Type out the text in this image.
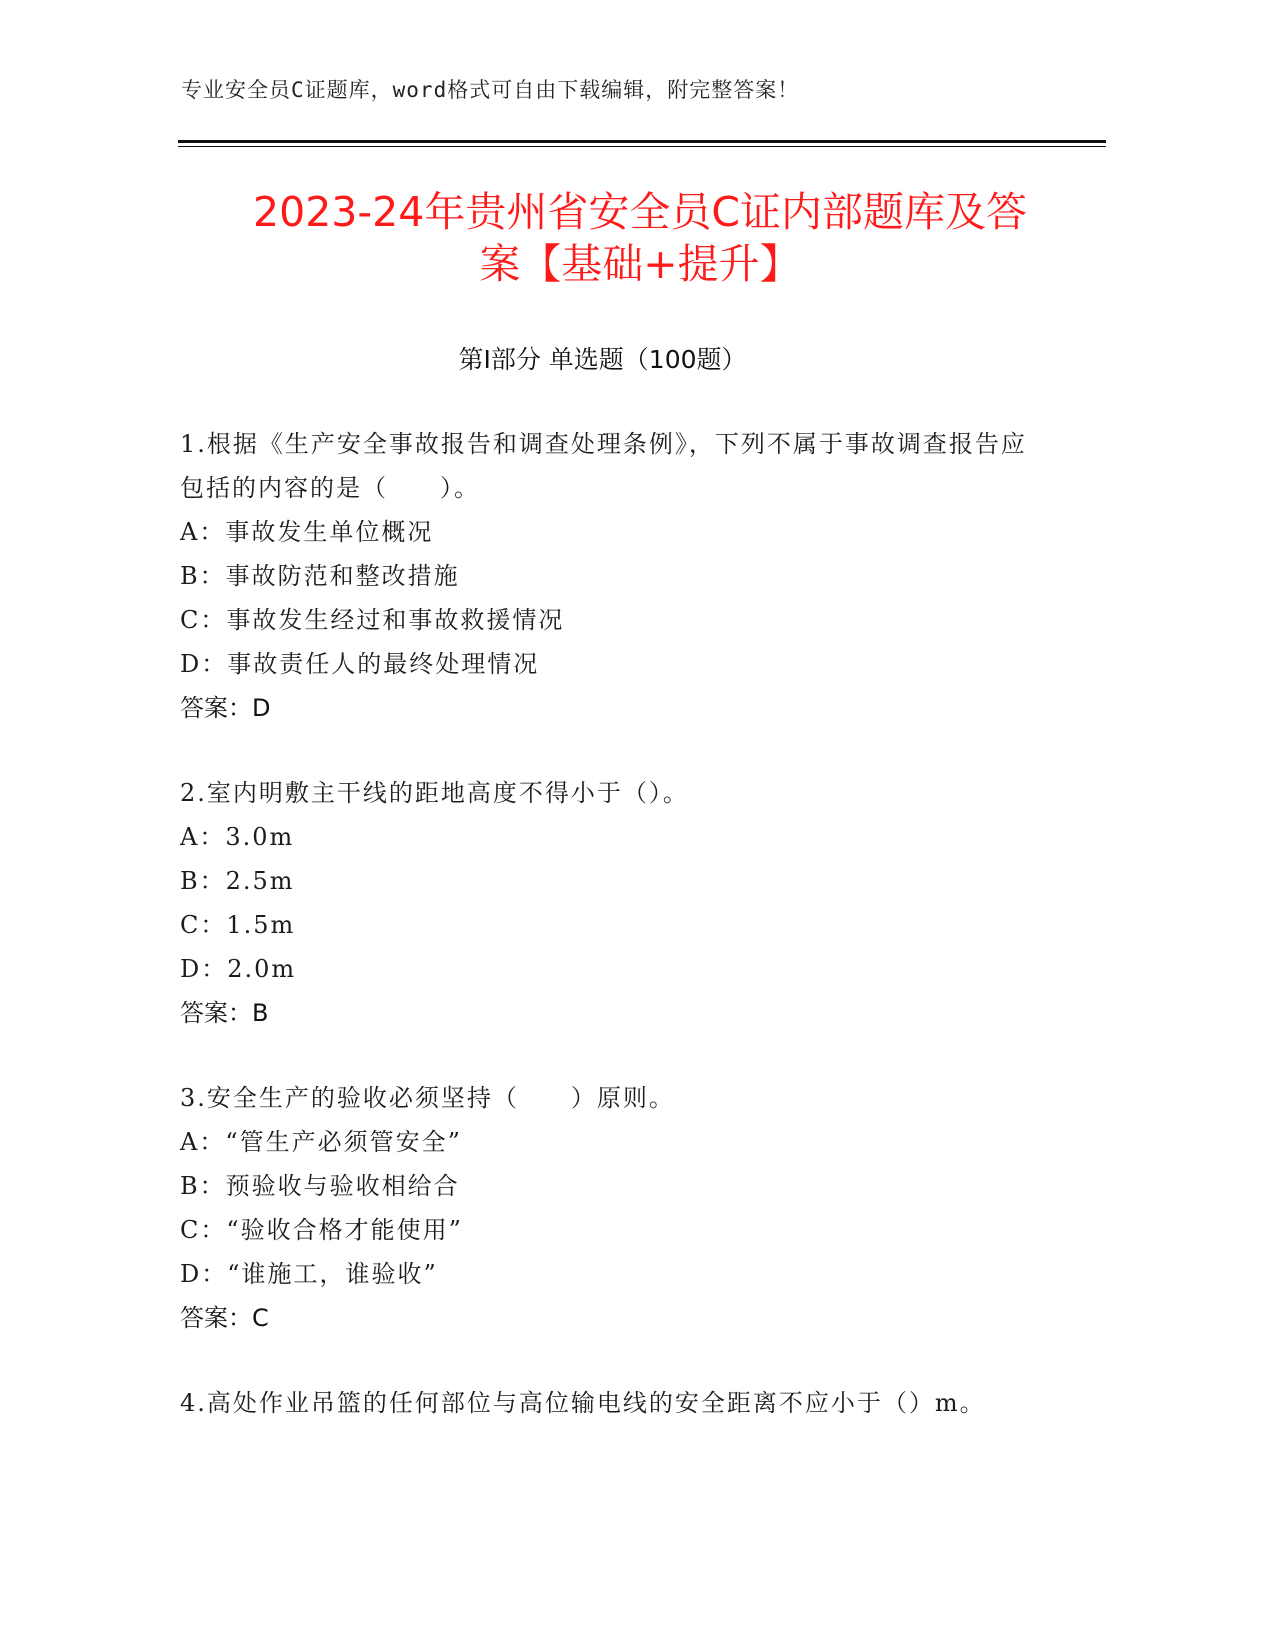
专业安全员C证题库，word格式可自由下载编辑，附完整答案！
2023-24年贵州省安全员C证内部题库及答
案【基础+提升】
第Ⅰ部分 单选题（100题）
1.根据《生产安全事故报告和调查处理条例》，下列不属于事故调查报告应包括的内容的是（　　）。
A：事故发生单位概况
B：事故防范和整改措施
C：事故发生经过和事故救援情况
D：事故责任人的最终处理情况
答案：D
2.室内明敷主干线的距地高度不得小于（）。
A：3.0m
B：2.5m
C：1.5m
D：2.0m
答案：B
3.安全生产的验收必须坚持（　　）原则。
A：“管生产必须管安全”
B：预验收与验收相给合
C：“验收合格才能使用”
D：“谁施工，谁验收”
答案：C
4.高处作业吊篮的任何部位与高位输电线的安全距离不应小于（）m。
